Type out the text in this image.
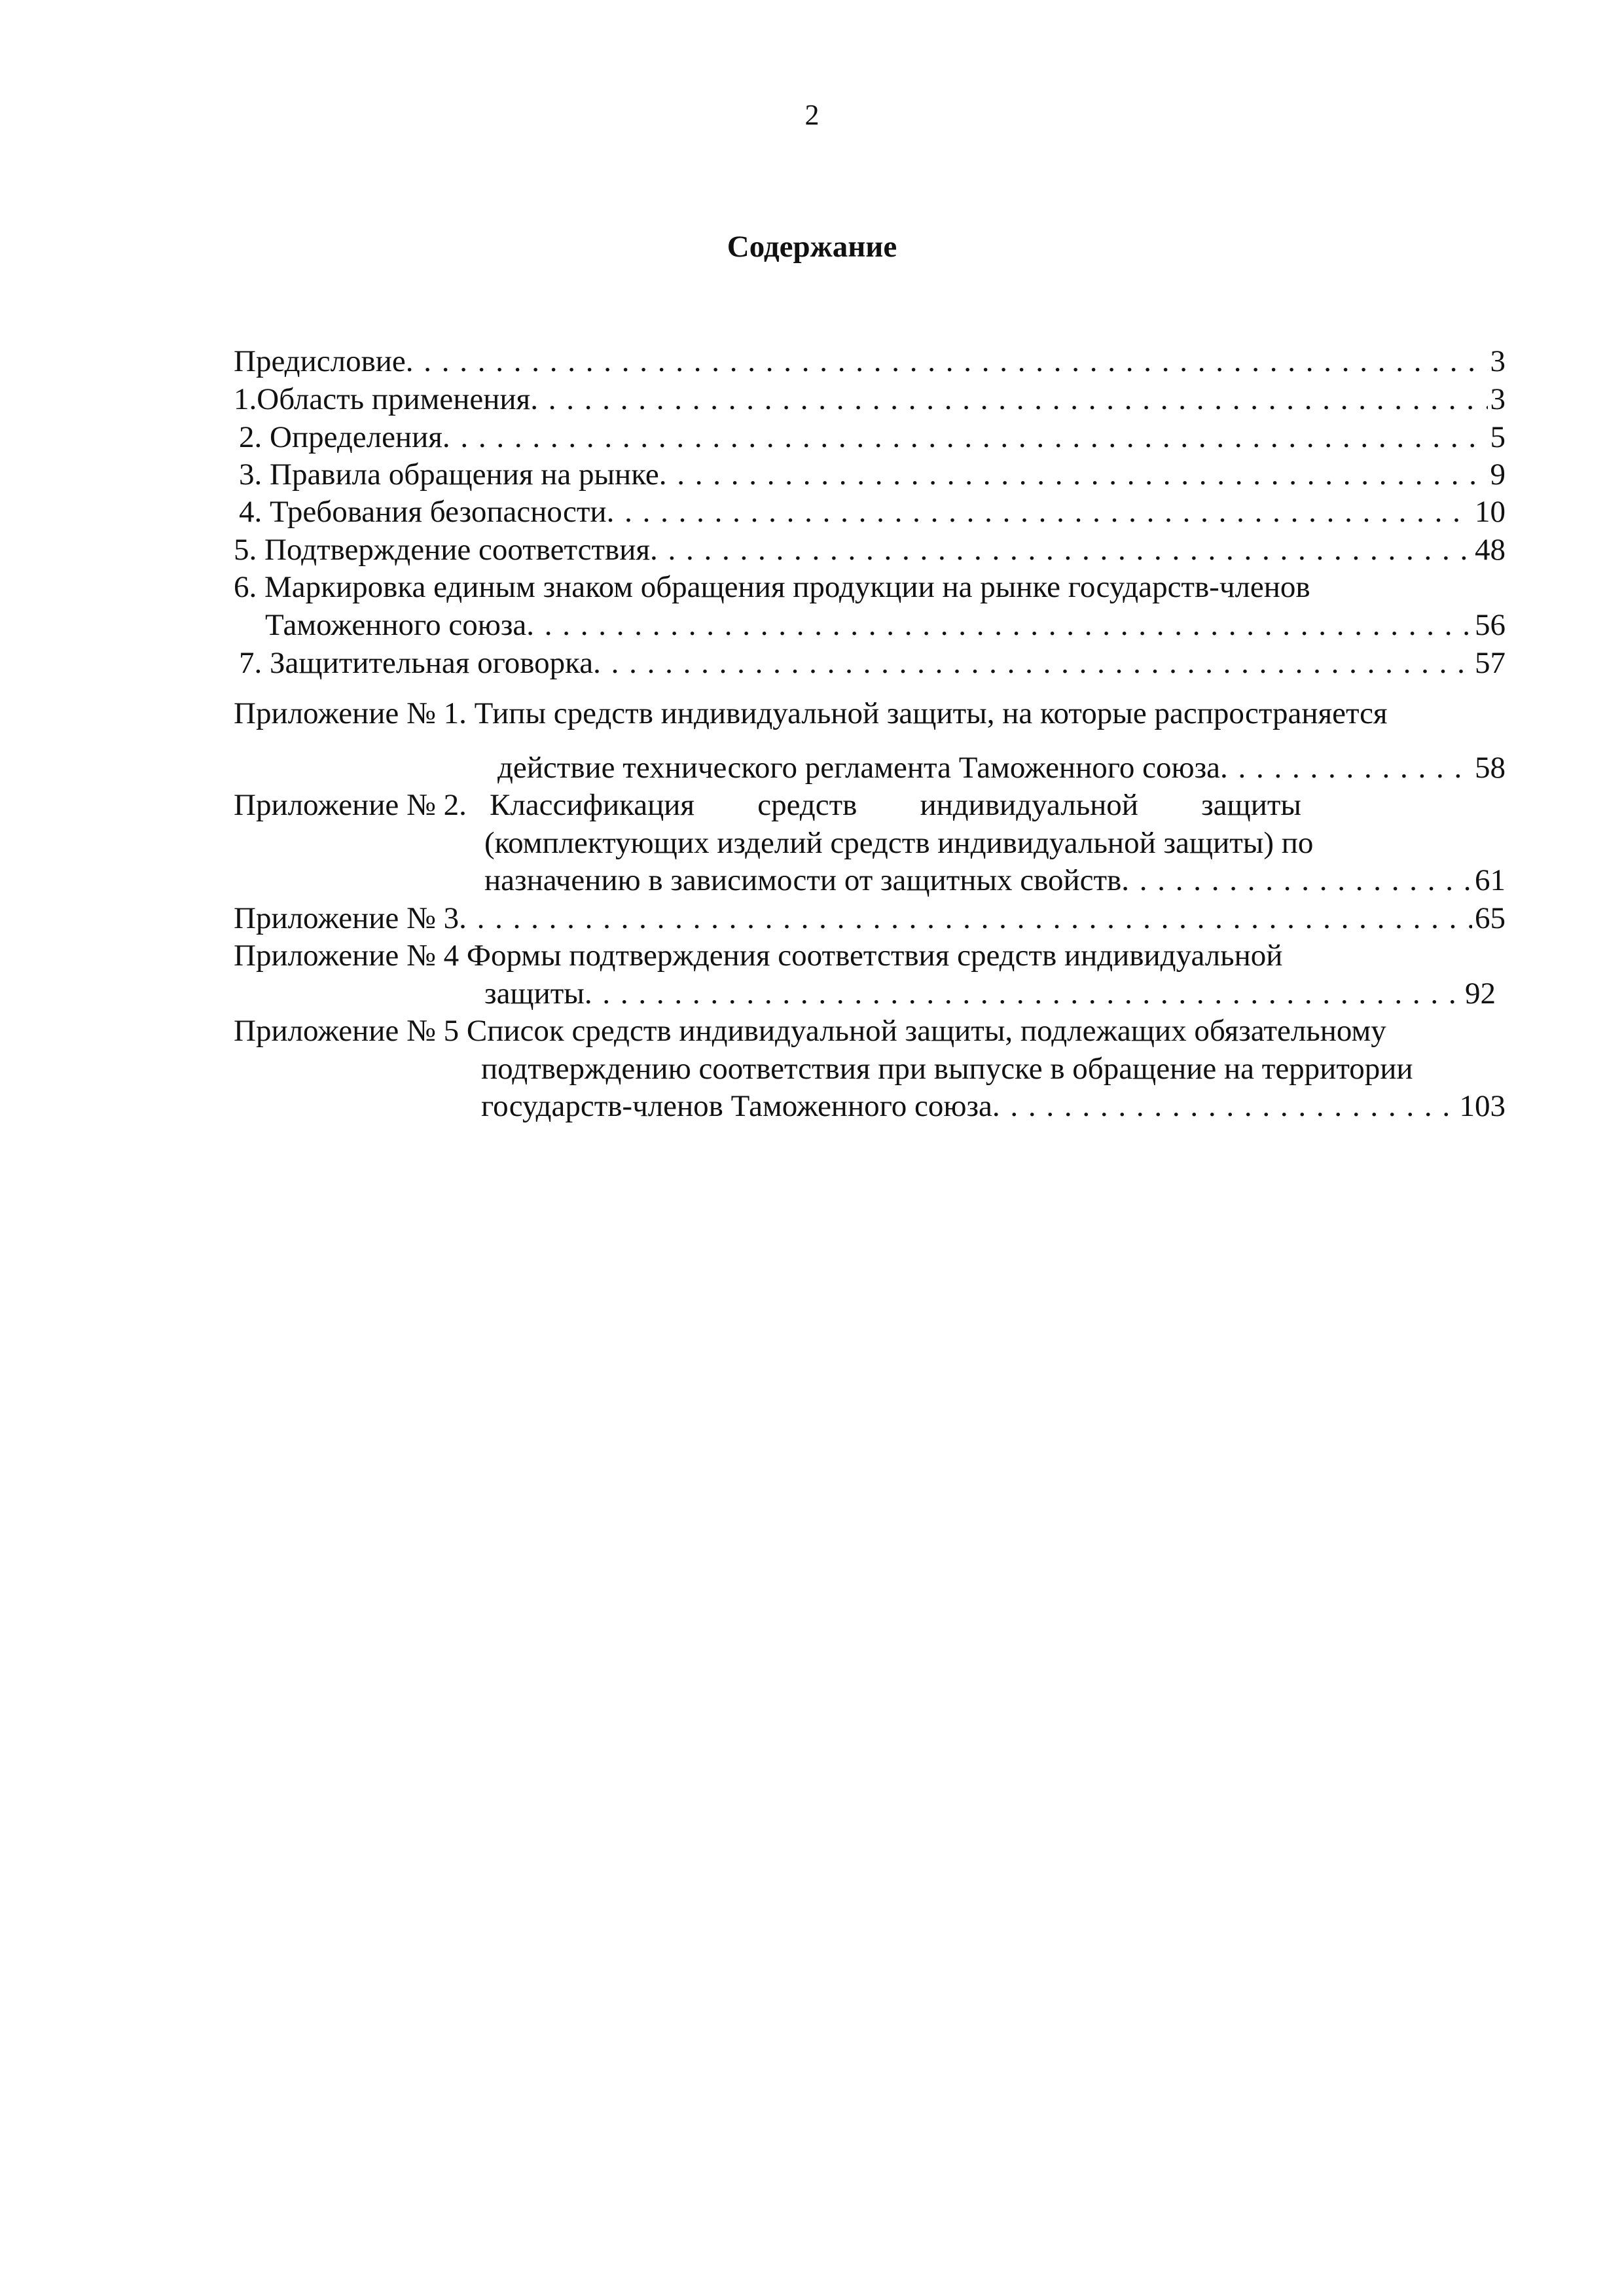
2
Содержание
Предисловие . . .	3
1.Область применения . . .	3
2. Определения . . .	5
3. Правила обращения на рынке . . .	9
4. Требования безопасности . . .	10
5. Подтверждение соответствия . . .	48
6. Маркировка единым знаком обращения продукции на рынке государств-членов
Таможенного союза . . .	56
7. Защитительная оговорка . . .	57
Приложение № 1. Типы средств индивидуальной защиты, на которые распространяется
действие технического регламента Таможенного союза . . .	58
Приложение № 2. Классификация средств индивидуальной защиты
(комплектующих изделий средств индивидуальной защиты) по
назначению в зависимости от защитных свойств . . .	61
Приложение № 3 . . .	65
Приложение № 4 Формы подтверждения соответствия средств индивидуальной
защиты . . .	92
Приложение № 5 Список средств индивидуальной защиты, подлежащих обязательному
подтверждению соответствия при выпуске в обращение на территории
государств-членов Таможенного союза . . .	103
